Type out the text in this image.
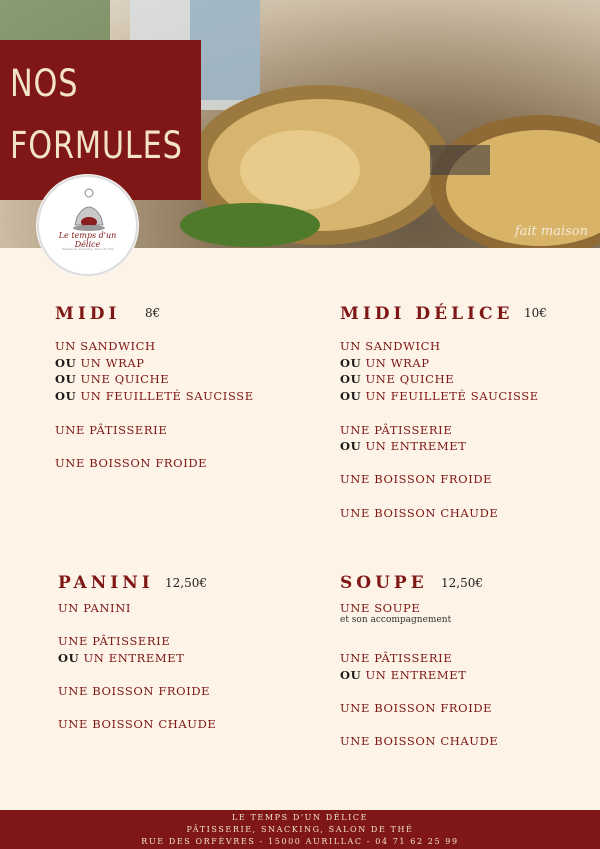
fait maison
NOS
FORMULES
Le temps d'un Délice
Pâtisserie, Snacking, Salon de Thé
MIDI 8€
UN SANDWICH
OU UN WRAP
OU UNE QUICHE
OU UN FEUILLETÉ SAUCISSE
UNE PÂTISSERIE
UNE BOISSON FROIDE
MIDI DÉLICE 10€
UN SANDWICH
OU UN WRAP
OU UNE QUICHE
OU UN FEUILLETÉ SAUCISSE
UNE PÂTISSERIE
OU UN ENTREMET
UNE BOISSON FROIDE
UNE BOISSON CHAUDE
PANINI 12,50€
UN PANINI
UNE PÂTISSERIE
OU UN ENTREMET
UNE BOISSON FROIDE
UNE BOISSON CHAUDE
SOUPE 12,50€
UNE SOUPE
et son accompagnement
UNE PÂTISSERIE
OU UN ENTREMET
UNE BOISSON FROIDE
UNE BOISSON CHAUDE
LE TEMPS D'UN DÉLICE
PÂTISSERIE, SNACKING, SALON DE THÉ
RUE DES ORFÈVRES - 15000 AURILLAC - 04 71 62 25 99
